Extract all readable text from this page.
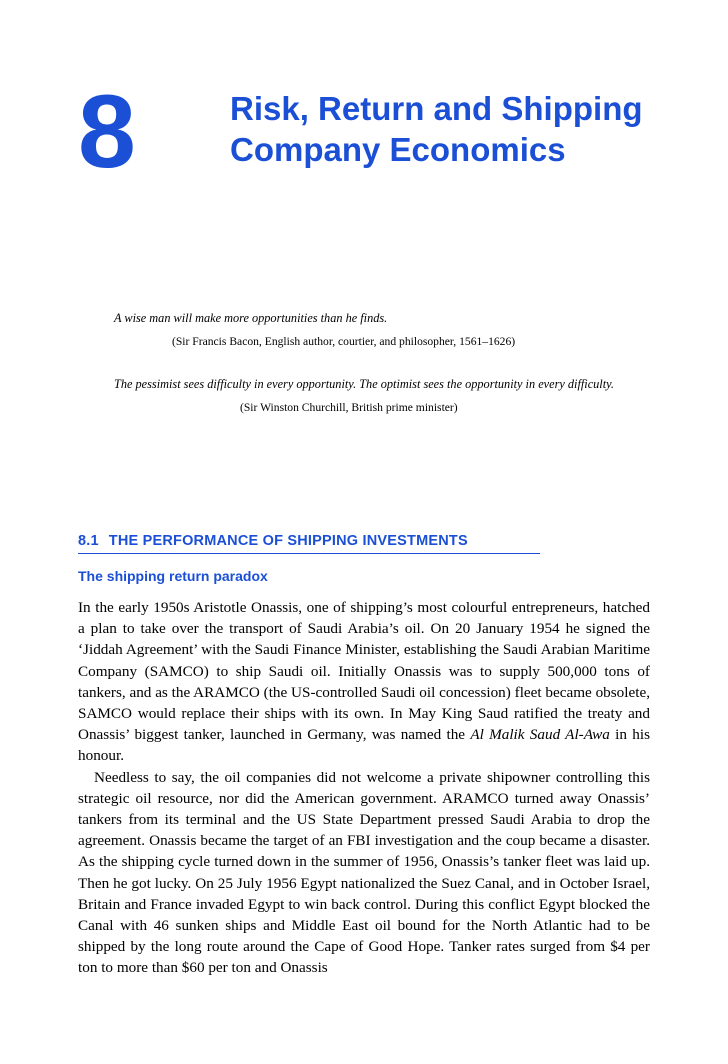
8	Risk, Return and Shipping Company Economics

A wise man will make more opportunities than he finds.

(Sir Francis Bacon, English author, courtier, and philosopher, 1561–1626)

The pessimist sees difficulty in every opportunity. The optimist sees the opportunity in every difficulty.

(Sir Winston Churchill, British prime minister)

8.1 THE PERFORMANCE OF SHIPPING INVESTMENTS
The shipping return paradox

In the early 1950s Aristotle Onassis, one of shipping’s most colourful entrepreneurs, hatched a plan to take over the transport of Saudi Arabia’s oil. On 20 January 1954 he signed the ‘Jiddah Agreement’ with the Saudi Finance Minister, establishing the Saudi Arabian Maritime Company (SAMCO) to ship Saudi oil. Initially Onassis was to supply 500,000 tons of tankers, and as the ARAMCO (the US-controlled Saudi oil concession) fleet became obsolete, SAMCO would replace their ships with its own. In May King Saud ratified the treaty and Onassis’ biggest tanker, launched in Germany, was named the Al Malik Saud Al-Awa in his honour.

Needless to say, the oil companies did not welcome a private shipowner controlling this strategic oil resource, nor did the American government. ARAMCO turned away Onassis’ tankers from its terminal and the US State Department pressed Saudi Arabia to drop the agreement. Onassis became the target of an FBI investigation and the coup became a disaster. As the shipping cycle turned down in the summer of 1956, Onassis’s tanker fleet was laid up. Then he got lucky. On 25 July 1956 Egypt nationalized the Suez Canal, and in October Israel, Britain and France invaded Egypt to win back control. During this conflict Egypt blocked the Canal with 46 sunken ships and Middle East oil bound for the North Atlantic had to be shipped by the long route around the Cape of Good Hope. Tanker rates surged from $4 per ton to more than $60 per ton and Onassis
